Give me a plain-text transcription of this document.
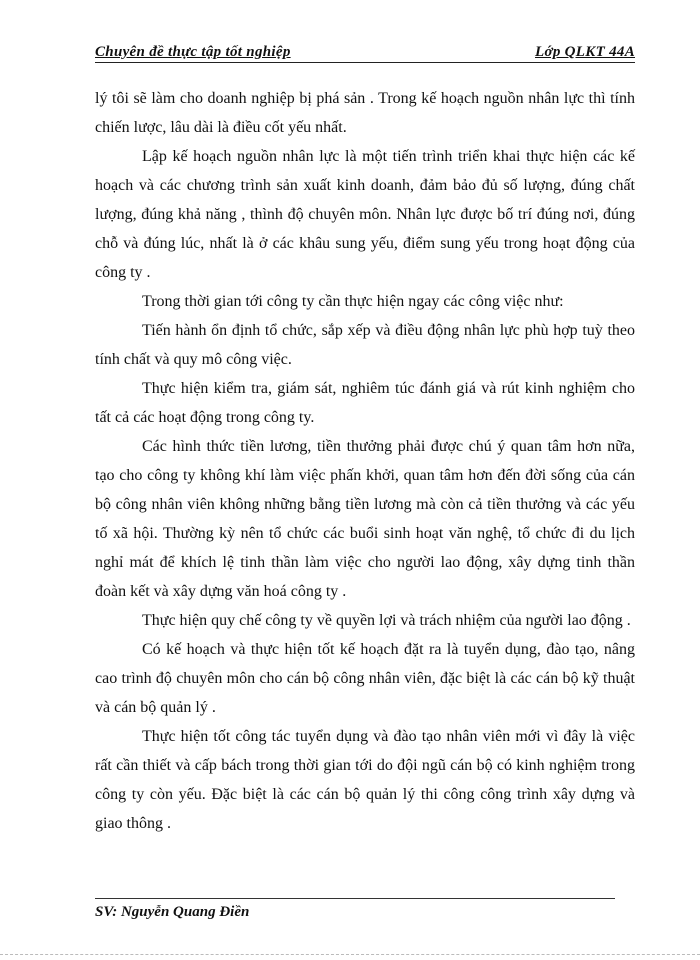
Chuyên đề thực tập tốt nghiệp	Lớp QLKT 44A

lý tôi sẽ làm cho doanh nghiệp bị phá sản . Trong kế hoạch nguồn nhân lực thì tính chiến lược, lâu dài là điều cốt yếu nhất.

Lập kế hoạch nguồn nhân lực là một tiến trình triển khai thực hiện các kế hoạch và các chương trình sản xuất kinh doanh, đảm bảo đủ số lượng, đúng chất lượng, đúng khả năng , thình độ chuyên môn. Nhân lực được bố trí đúng nơi, đúng chỗ và đúng lúc, nhất là ở các khâu sung yếu, điểm sung yếu trong hoạt động của công ty .

Trong thời gian tới công ty cần thực hiện ngay các công việc như:

Tiến hành ổn định tổ chức, sắp xếp và điều động nhân lực phù hợp tuỳ theo tính chất và quy mô công việc.

Thực hiện kiểm tra, giám sát, nghiêm túc đánh giá và rút kinh nghiệm cho tất cả các hoạt động trong công ty.

Các hình thức tiền lương, tiền thưởng phải được chú ý quan tâm hơn nữa, tạo cho công ty không khí làm việc phấn khởi, quan tâm hơn đến đời sống của cán bộ công nhân viên không những bằng tiền lương mà còn cả tiền thưởng và các yếu tố xã hội. Thường kỳ nên tổ chức các buổi sinh hoạt văn nghệ, tổ chức đi du lịch nghỉ mát để khích lệ tinh thần làm việc cho người lao động, xây dựng tinh thần đoàn kết và xây dựng văn hoá công ty .

Thực hiện quy chế công ty về quyền lợi và trách nhiệm của người lao động .

Có kế hoạch và thực hiện tốt kế hoạch đặt ra là tuyển dụng, đào tạo, nâng cao trình độ chuyên môn cho cán bộ công nhân viên, đặc biệt là các cán bộ kỹ thuật và cán bộ quản lý .

Thực hiện tốt công tác tuyển dụng và đào tạo nhân viên mới vì đây là việc rất cần thiết và cấp bách trong thời gian tới do đội ngũ cán bộ có kinh nghiệm trong công ty còn yếu. Đặc biệt là các cán bộ quản lý thi công công trình xây dựng và giao thông .

SV: Nguyễn Quang Điền
